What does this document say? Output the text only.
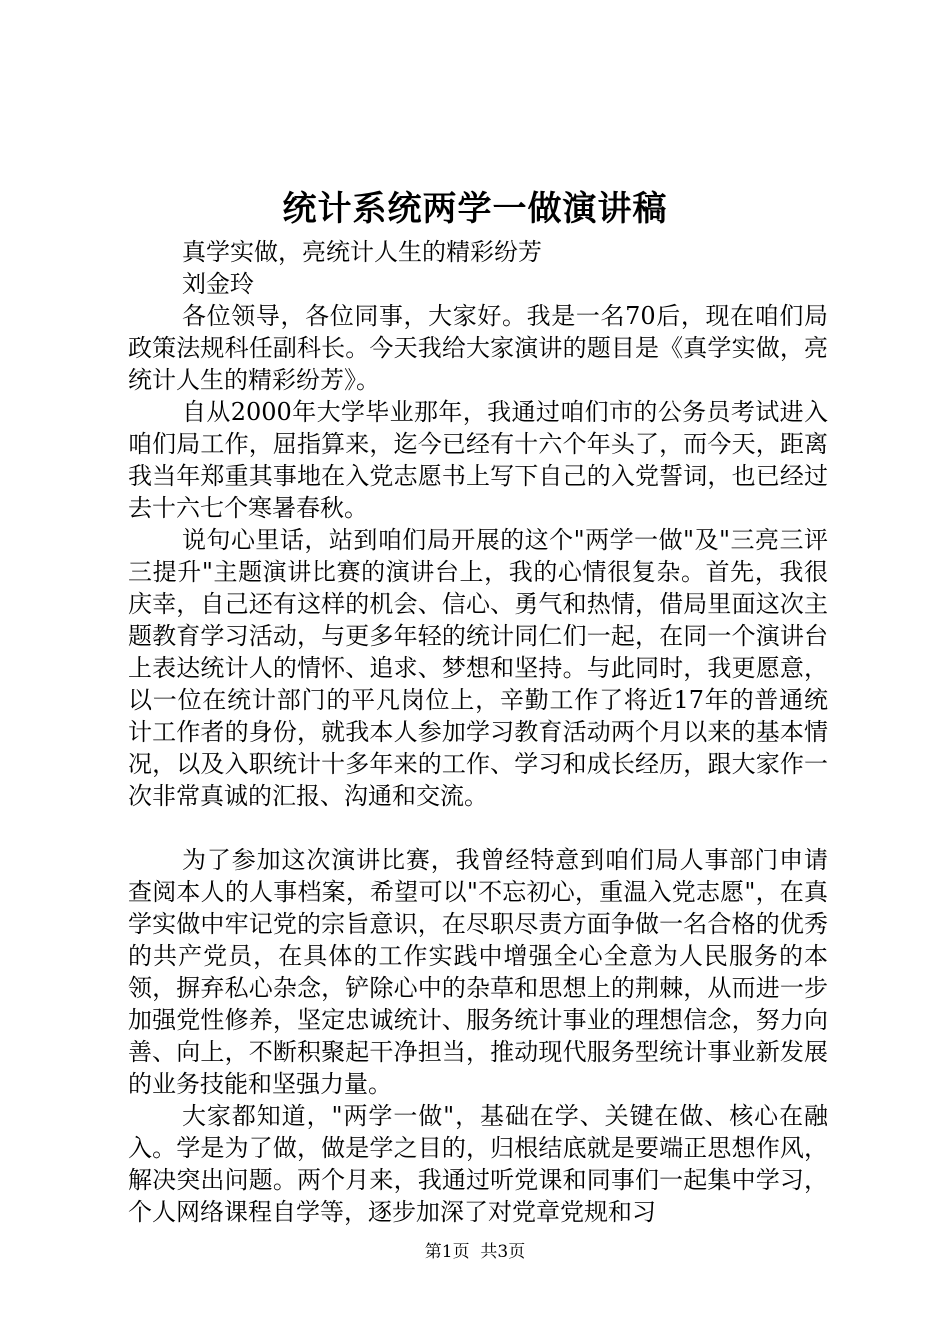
统计系统两学一做演讲稿

真学实做，亮统计人生的精彩纷芳

刘金玲

各位领导，各位同事，大家好。我是一名70后，现在咱们局政策法规科任副科长。今天我给大家演讲的题目是《真学实做，亮统计人生的精彩纷芳》。

自从2000年大学毕业那年，我通过咱们市的公务员考试进入咱们局工作，屈指算来，迄今已经有十六个年头了，而今天，距离我当年郑重其事地在入党志愿书上写下自己的入党誓词，也已经过去十六七个寒暑春秋。

说句心里话，站到咱们局开展的这个"两学一做"及"三亮三评三提升"主题演讲比赛的演讲台上，我的心情很复杂。首先，我很庆幸，自己还有这样的机会、信心、勇气和热情，借局里面这次主题教育学习活动，与更多年轻的统计同仁们一起，在同一个演讲台上表达统计人的情怀、追求、梦想和坚持。与此同时，我更愿意，以一位在统计部门的平凡岗位上，辛勤工作了将近17年的普通统计工作者的身份，就我本人参加学习教育活动两个月以来的基本情况，以及入职统计十多年来的工作、学习和成长经历，跟大家作一次非常真诚的汇报、沟通和交流。

为了参加这次演讲比赛，我曾经特意到咱们局人事部门申请查阅本人的人事档案，希望可以"不忘初心，重温入党志愿"，在真学实做中牢记党的宗旨意识，在尽职尽责方面争做一名合格的优秀的共产党员，在具体的工作实践中增强全心全意为人民服务的本领，摒弃私心杂念，铲除心中的杂草和思想上的荆棘，从而进一步加强党性修养，坚定忠诚统计、服务统计事业的理想信念，努力向善、向上，不断积聚起干净担当，推动现代服务型统计事业新发展的业务技能和坚强力量。

大家都知道，"两学一做"，基础在学、关键在做、核心在融入。学是为了做，做是学之目的，归根结底就是要端正思想作风，解决突出问题。两个月来，我通过听党课和同事们一起集中学习，个人网络课程自学等，逐步加深了对党章党规和习

第1页  共3页
